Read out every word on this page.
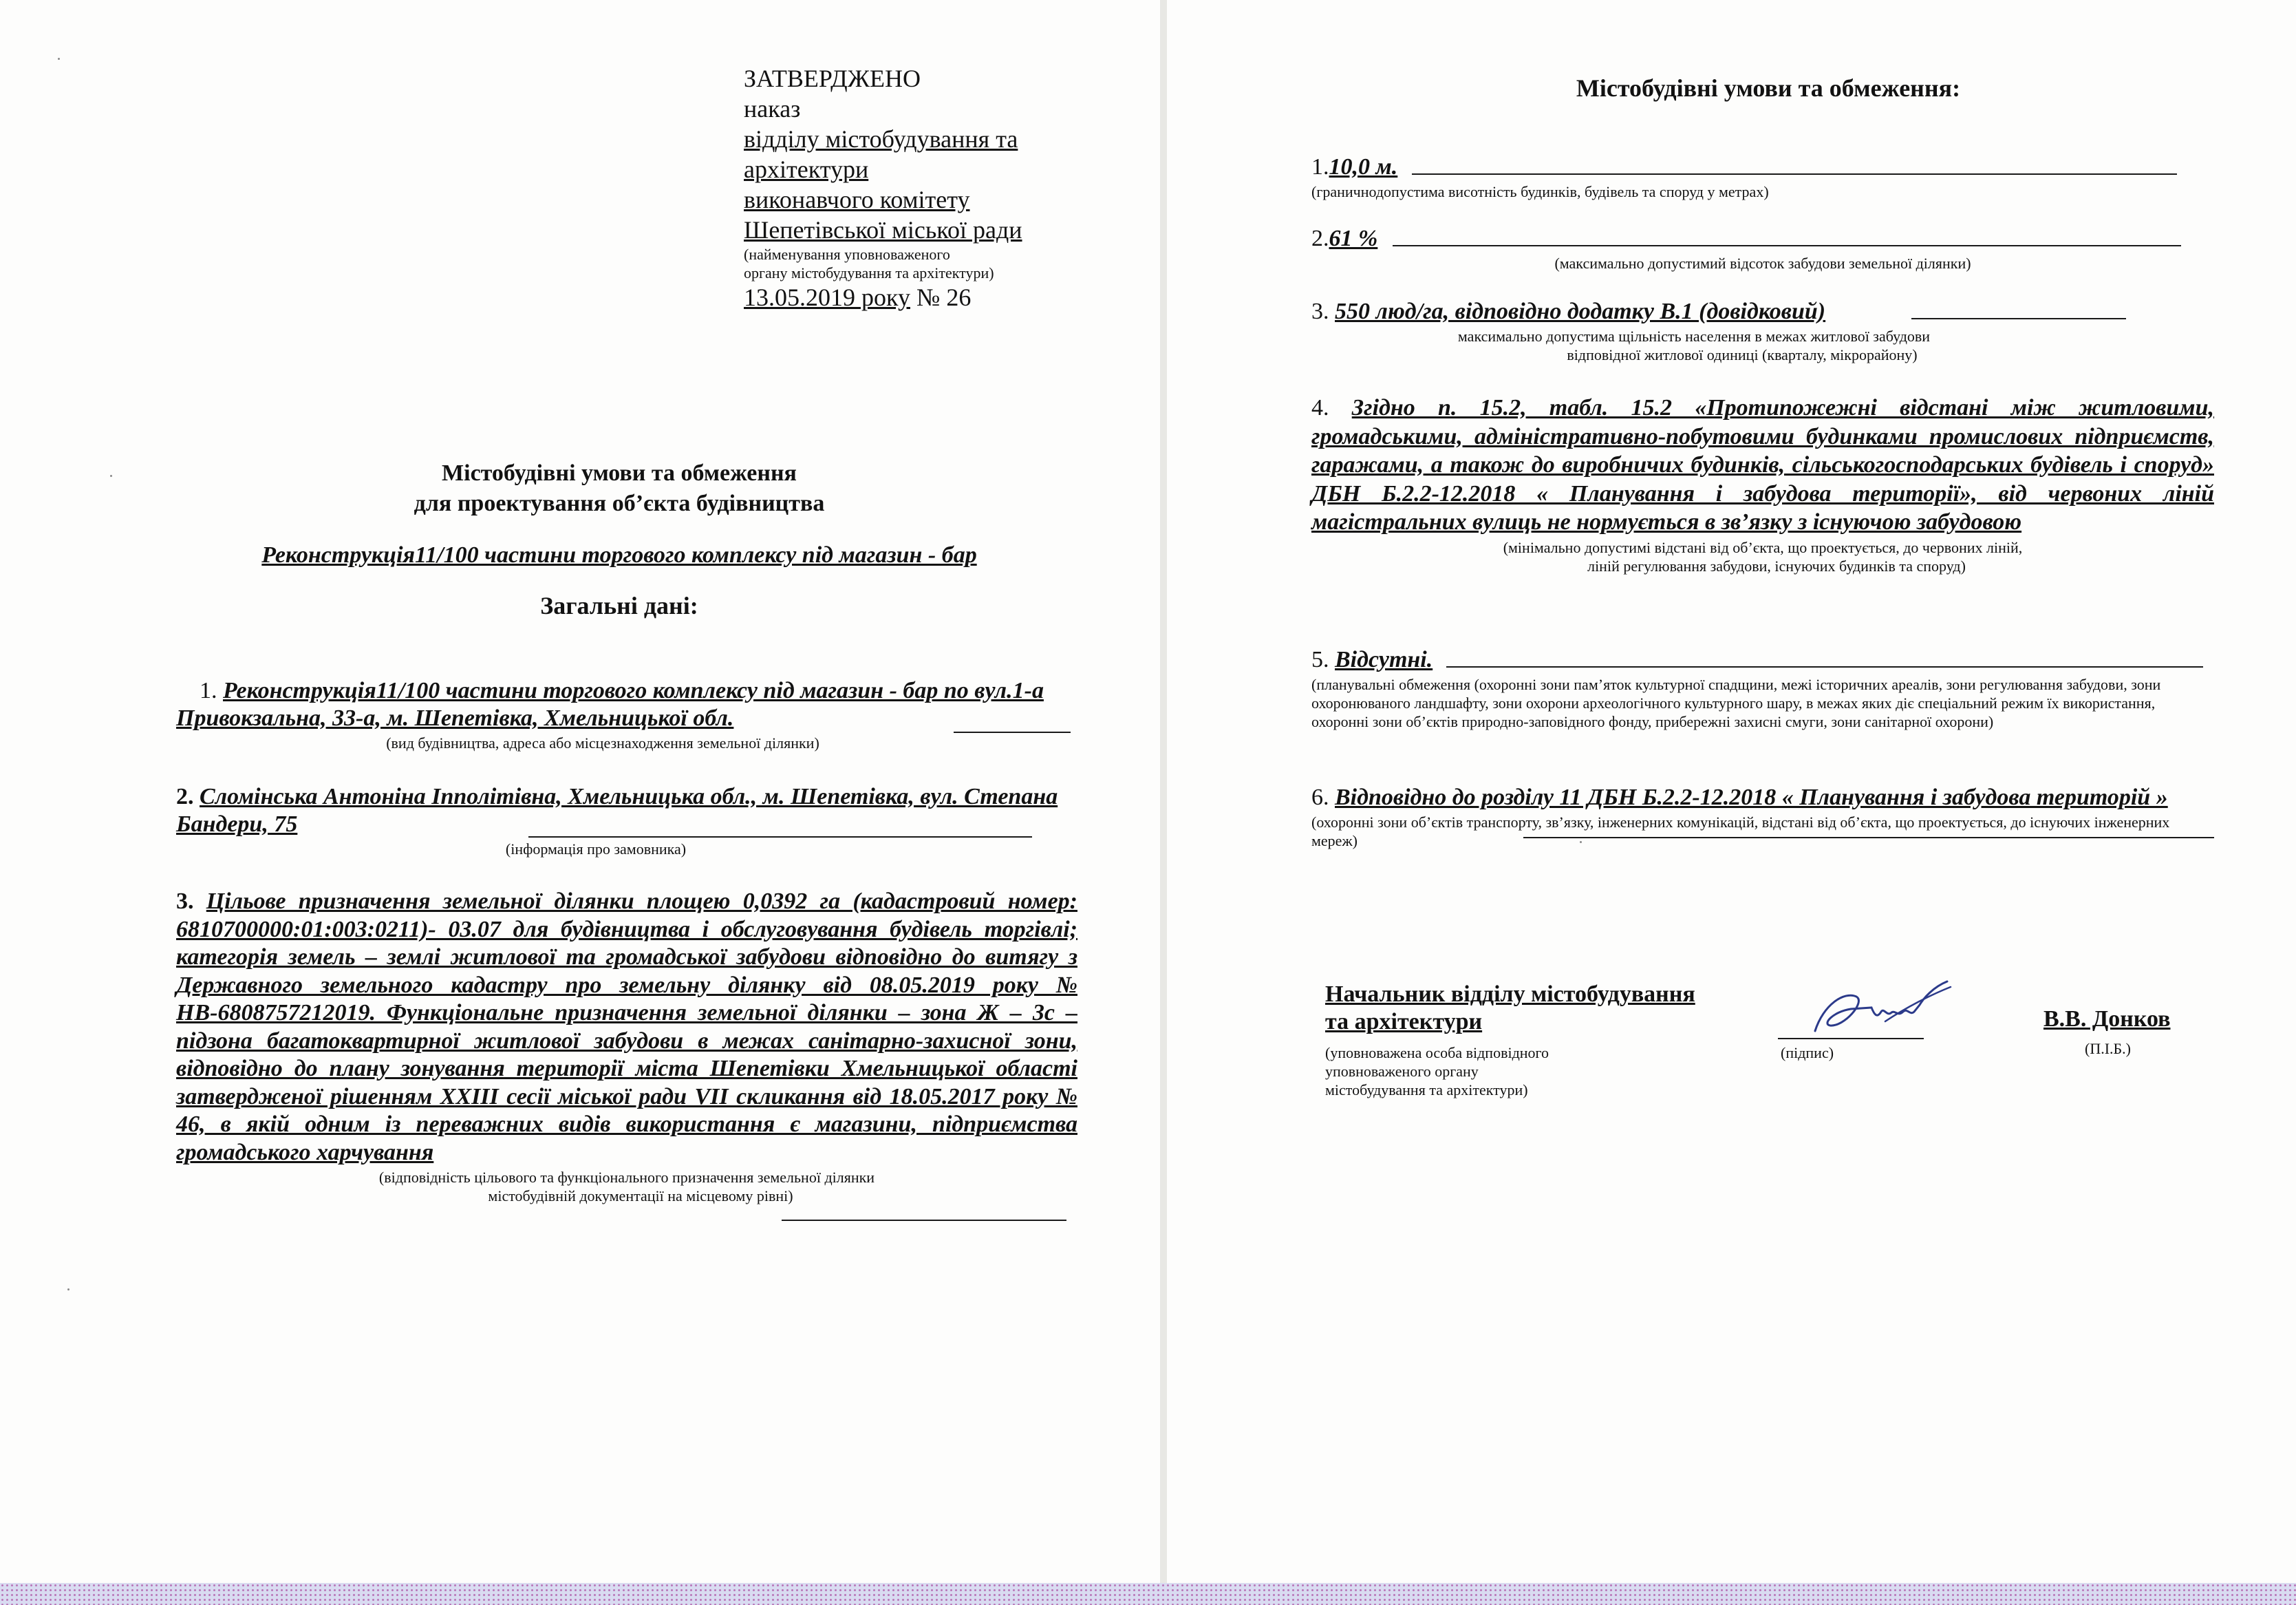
ЗАТВЕРДЖЕНО
наказ
відділу містобудування та
архітектури
виконавчого комітету
Шепетівської міської ради
(найменування уповноваженого
органу містобудування та архітектури)
13.05.2019 року № 26
Містобудівні умови та обмеження
для проектування об’єкта будівництва
Реконструкція11/100 частини торгового комплексу під магазин - бар
Загальні дані:
1. Реконструкція11/100 частини торгового комплексу під магазин - бар по вул.1-а Привокзальна, 33-а, м. Шепетівка, Хмельницької обл.
(вид будівництва, адреса або місцезнаходження земельної ділянки)
2. Сломінська Антоніна Іпполітівна, Хмельницька обл., м. Шепетівка, вул. Степана Бандери, 75
(інформація про замовника)
3. Цільове призначення земельної ділянки площею 0,0392 га (кадастровий номер: 6810700000:01:003:0211)- 03.07 для будівництва і обслуговування будівель торгівлі; категорія земель – землі житлової та громадської забудови відповідно до витягу з Державного земельного кадастру про земельну ділянку від 08.05.2019 року № НВ-6808757212019. Функціональне призначення земельної ділянки – зона Ж – 3с – підзона багатоквартирної житлової забудови в межах санітарно-захисної зони, відповідно до плану зонування території міста Шепетівки Хмельницької області затвердженої рішенням XXIII сесії міської ради VII скликання від 18.05.2017 року № 46, в якій одним із переважних видів використання є магазини, підприємства громадського харчування
(відповідність цільового та функціонального призначення земельної ділянки
містобудівній документації на місцевому рівні)
Містобудівні умови та обмеження:
1.10,0 м.
(граничнодопустима висотність будинків, будівель та споруд у метрах)
2.61 %
(максимально допустимий відсоток забудови земельної ділянки)
3. 550 люд/га, відповідно додатку В.1 (довідковий)
максимально допустима щільність населення в межах житлової забудови
відповідної житлової одиниці (кварталу, мікрорайону)
4. Згідно п. 15.2, табл. 15.2 «Протипожежні відстані між житловими, громадськими, адміністративно-побутовими будинками промислових підприємств, гаражами, а також до виробничих будинків, сільськогосподарських будівель і споруд» ДБН Б.2.2-12.2018 « Планування і забудова території», від червоних ліній магістральних вулиць не нормується в зв’язку з існуючою забудовою
(мінімально допустимі відстані від об’єкта, що проектується, до червоних ліній,
ліній регулювання забудови, існуючих будинків та споруд)
5. Відсутні.
(планувальні обмеження (охоронні зони пам’яток культурної спадщини, межі історичних ареалів, зони регулювання забудови, зони охоронюваного ландшафту, зони охорони археологічного культурного шару, в межах яких діє спеціальний режим їх використання, охоронні зони об’єктів природно-заповідного фонду, прибережні захисні смуги, зони санітарної охорони)
6. Відповідно до розділу 11 ДБН Б.2.2-12.2018 « Планування і забудова територій »
(охоронні зони об’єктів транспорту, зв’язку, інженерних комунікацій, відстані від об’єкта, що проектується, до існуючих інженерних мереж)
Начальник відділу містобудування
та архітектури
(уповноважена особа відповідного
уповноваженого органу
містобудування та архітектури)
(підпис)
В.В. Донков
(П.І.Б.)
